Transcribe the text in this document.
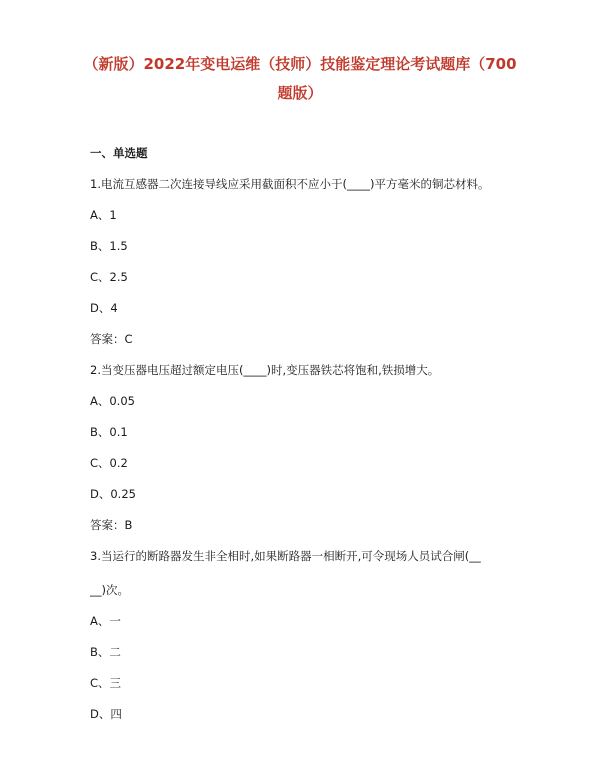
（新版）2022年变电运维（技师）技能鉴定理论考试题库（700
题版）
一、单选题
1.电流互感器二次连接导线应采用截面积不应小于(____)平方毫米的铜芯材料。
A、1
B、1.5
C、2.5
D、4
答案：C
2.当变压器电压超过额定电压(____)时,变压器铁芯将饱和,铁损增大。
A、0.05
B、0.1
C、0.2
D、0.25
答案：B
3.当运行的断路器发生非全相时,如果断路器一相断开,可令现场人员试合闸(__
__)次。
A、一
B、二
C、三
D、四
